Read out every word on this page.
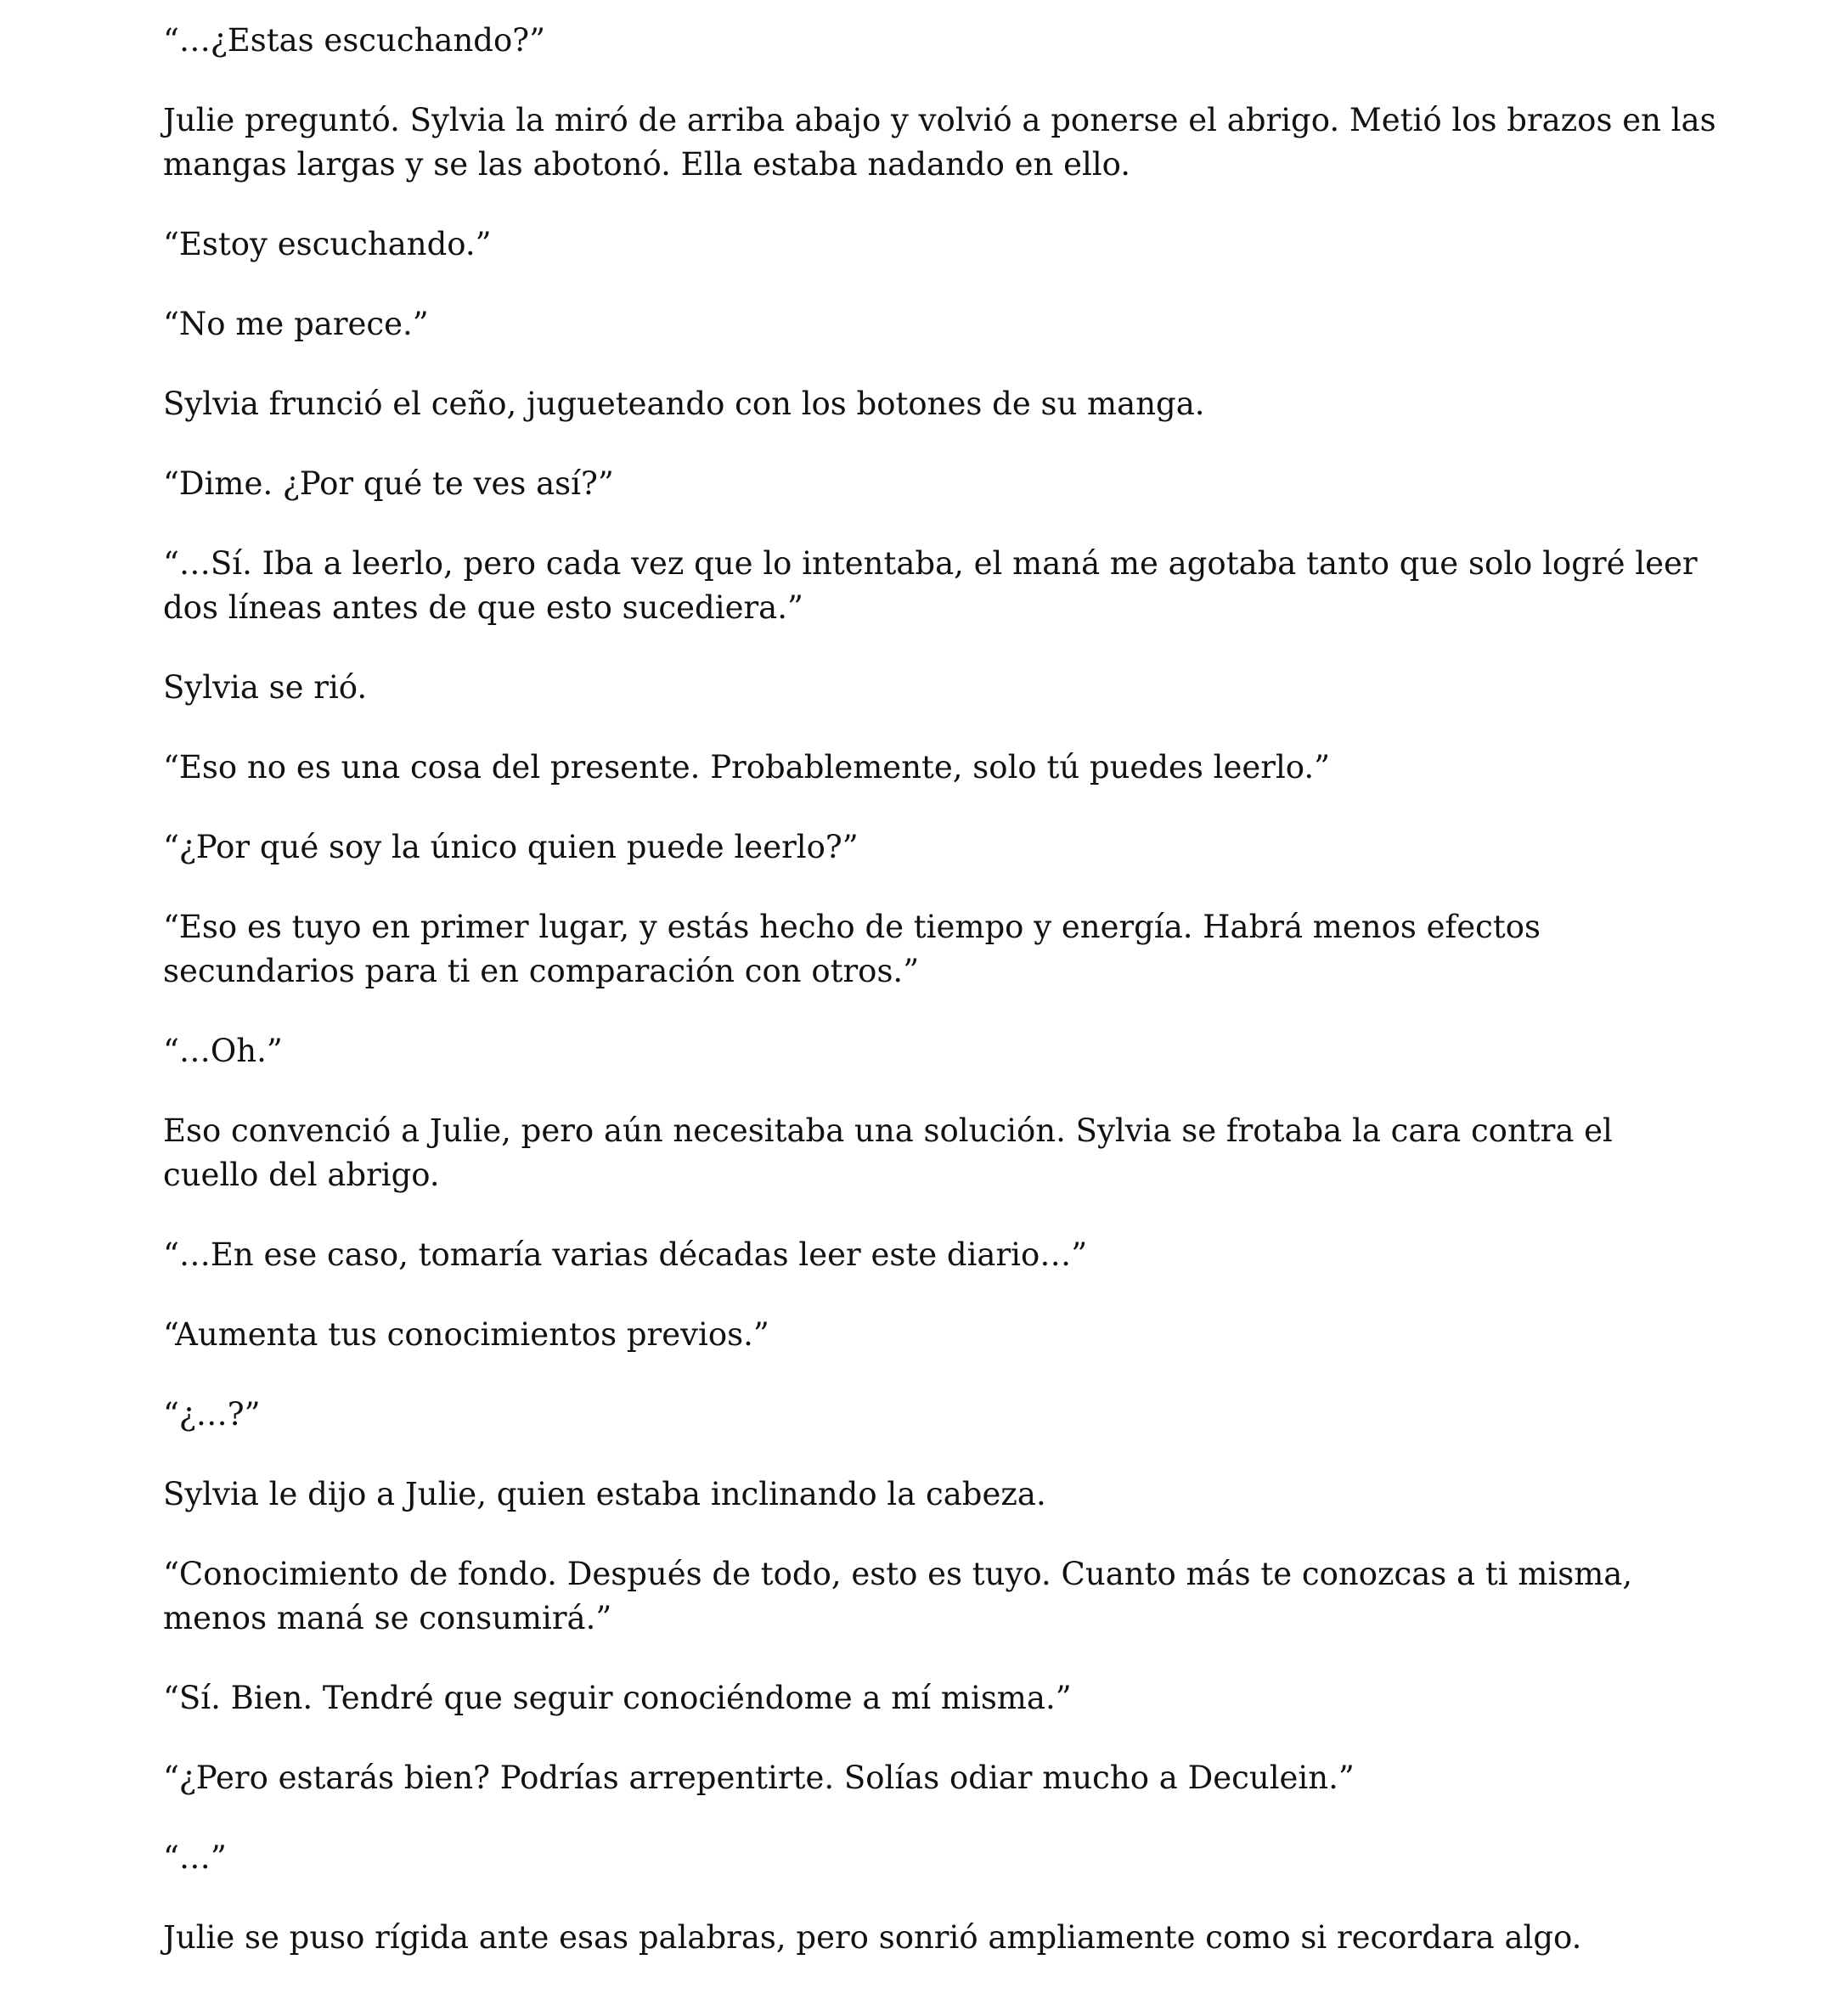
“…¿Estas escuchando?”

Julie preguntó. Sylvia la miró de arriba abajo y volvió a ponerse el abrigo. Metió los brazos en las mangas largas y se las abotonó. Ella estaba nadando en ello.

“Estoy escuchando.”

“No me parece.”

Sylvia frunció el ceño, jugueteando con los botones de su manga.

“Dime. ¿Por qué te ves así?”

“…Sí. Iba a leerlo, pero cada vez que lo intentaba, el maná me agotaba tanto que solo logré leer dos líneas antes de que esto sucediera.”

Sylvia se rió.

“Eso no es una cosa del presente. Probablemente, solo tú puedes leerlo.”

“¿Por qué soy la único quien puede leerlo?”

“Eso es tuyo en primer lugar, y estás hecho de tiempo y energía. Habrá menos efectos secundarios para ti en comparación con otros.”

“…Oh.”

Eso convenció a Julie, pero aún necesitaba una solución. Sylvia se frotaba la cara contra el cuello del abrigo.

“…En ese caso, tomaría varias décadas leer este diario…”

“Aumenta tus conocimientos previos.”

“¿…?”

Sylvia le dijo a Julie, quien estaba inclinando la cabeza.

“Conocimiento de fondo. Después de todo, esto es tuyo. Cuanto más te conozcas a ti misma, menos maná se consumirá.”

“Sí. Bien. Tendré que seguir conociéndome a mí misma.”

“¿Pero estarás bien? Podrías arrepentirte. Solías odiar mucho a Deculein.”

“…”

Julie se puso rígida ante esas palabras, pero sonrió ampliamente como si recordara algo.
